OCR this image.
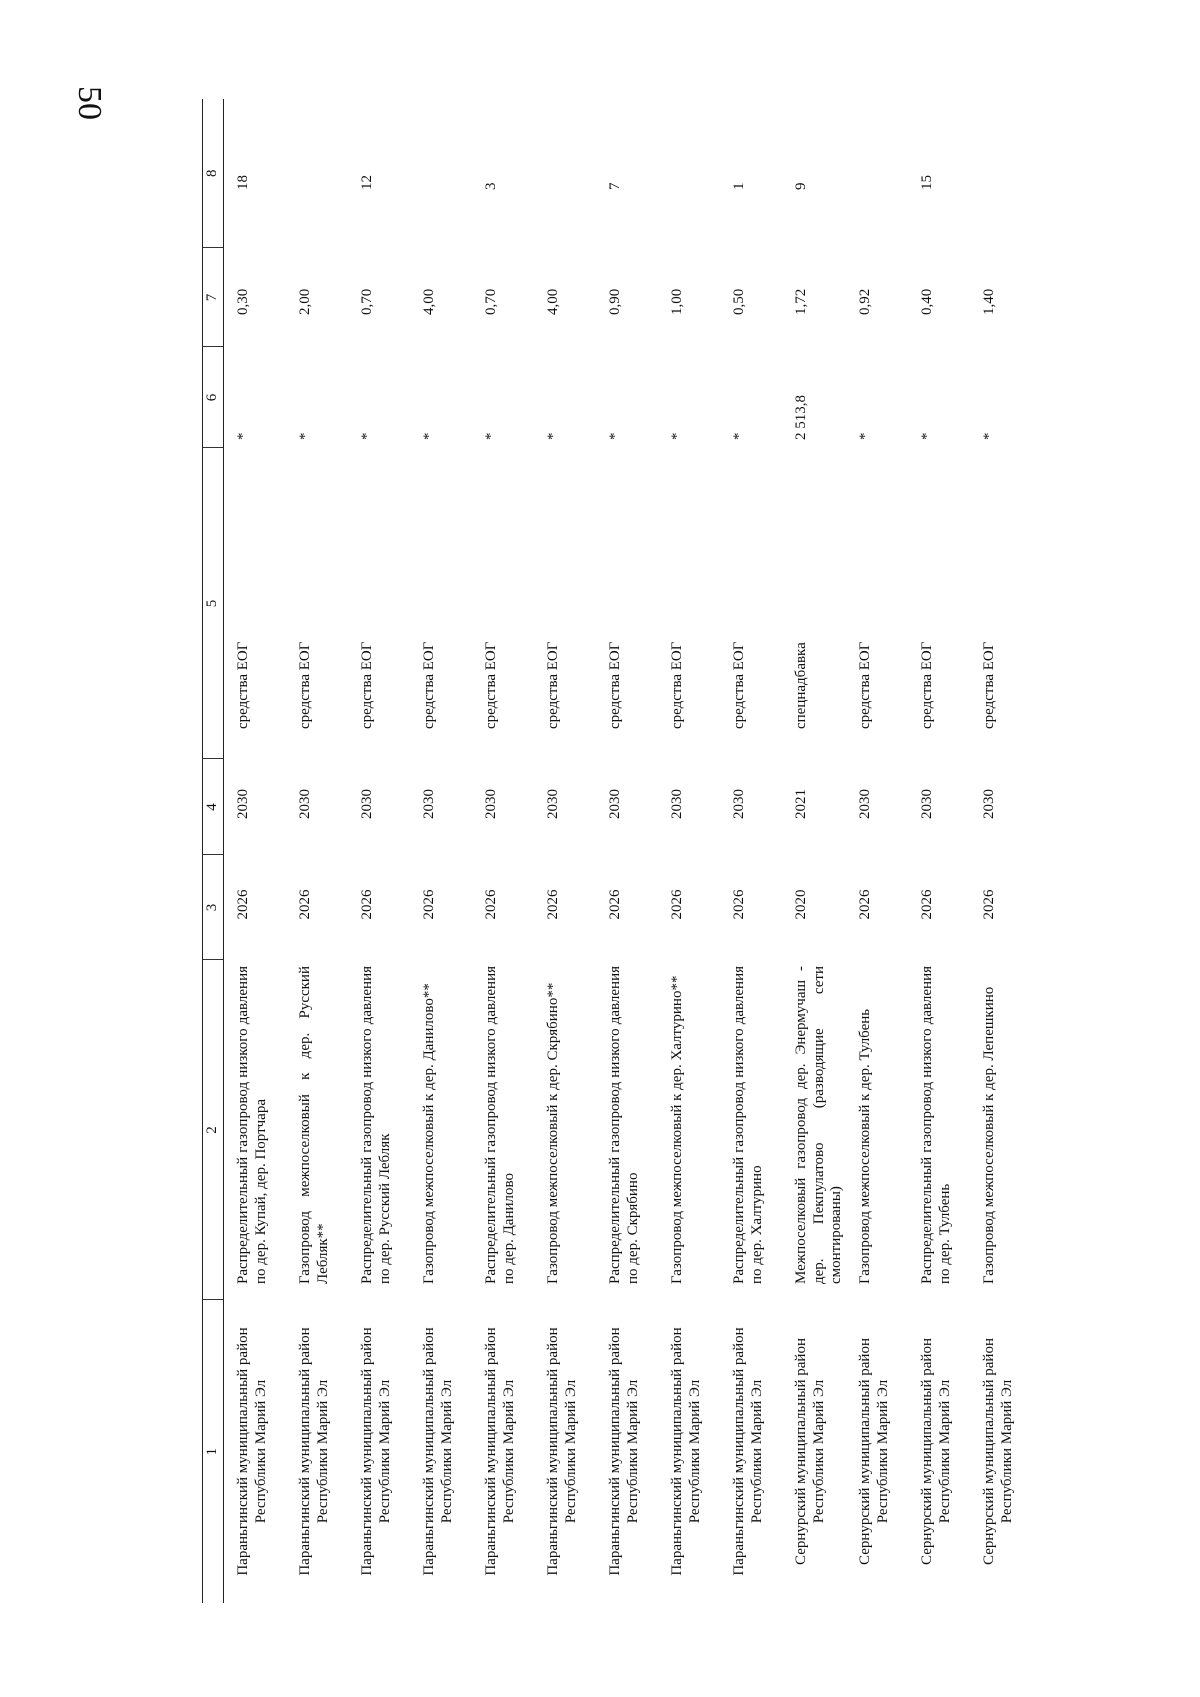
50
1	2	3	4	5	6	7	8
Параньгинский муниципальный район Республики Марий Эл	Распределительный газопровод низкого давления по дер. Купай, дер. Портчара	2026	2030	средства ЕОГ	*	0,30	18
Параньгинский муниципальный район Республики Марий Эл	Газопровод межпоселковый к дер. Русский Лебляк**	2026	2030	средства ЕОГ	*	2,00	
Параньгинский муниципальный район Республики Марий Эл	Распределительный газопровод низкого давления по дер. Русский Лебляк	2026	2030	средства ЕОГ	*	0,70	12
Параньгинский муниципальный район Республики Марий Эл	Газопровод межпоселковый к дер. Данилово**	2026	2030	средства ЕОГ	*	4,00	
Параньгинский муниципальный район Республики Марий Эл	Распределительный газопровод низкого давления по дер. Данилово	2026	2030	средства ЕОГ	*	0,70	3
Параньгинский муниципальный район Республики Марий Эл	Газопровод межпоселковый к дер. Скрябино**	2026	2030	средства ЕОГ	*	4,00	
Параньгинский муниципальный район Республики Марий Эл	Распределительный газопровод низкого давления по дер. Скрябино	2026	2030	средства ЕОГ	*	0,90	7
Параньгинский муниципальный район Республики Марий Эл	Газопровод межпоселковый к дер. Халтурино**	2026	2030	средства ЕОГ	*	1,00	
Параньгинский муниципальный район Республики Марий Эл	Распределительный газопровод низкого давления по дер. Халтурино	2026	2030	средства ЕОГ	*	0,50	1
Сернурский муниципальный район Республики Марий Эл	Межпоселковый газопровод дер. Энермучаш - дер. Пекпулатово (разводящие сети смонтированы)	2020	2021	спецнадбавка	2 513,8	1,72	9
Сернурский муниципальный район Республики Марий Эл	Газопровод межпоселковый к дер. Тулбень	2026	2030	средства ЕОГ	*	0,92	
Сернурский муниципальный район Республики Марий Эл	Распределительный газопровод низкого давления по дер. Тулбень	2026	2030	средства ЕОГ	*	0,40	15
Сернурский муниципальный район Республики Марий Эл	Газопровод межпоселковый к дер. Лепешкино	2026	2030	средства ЕОГ	*	1,40	
